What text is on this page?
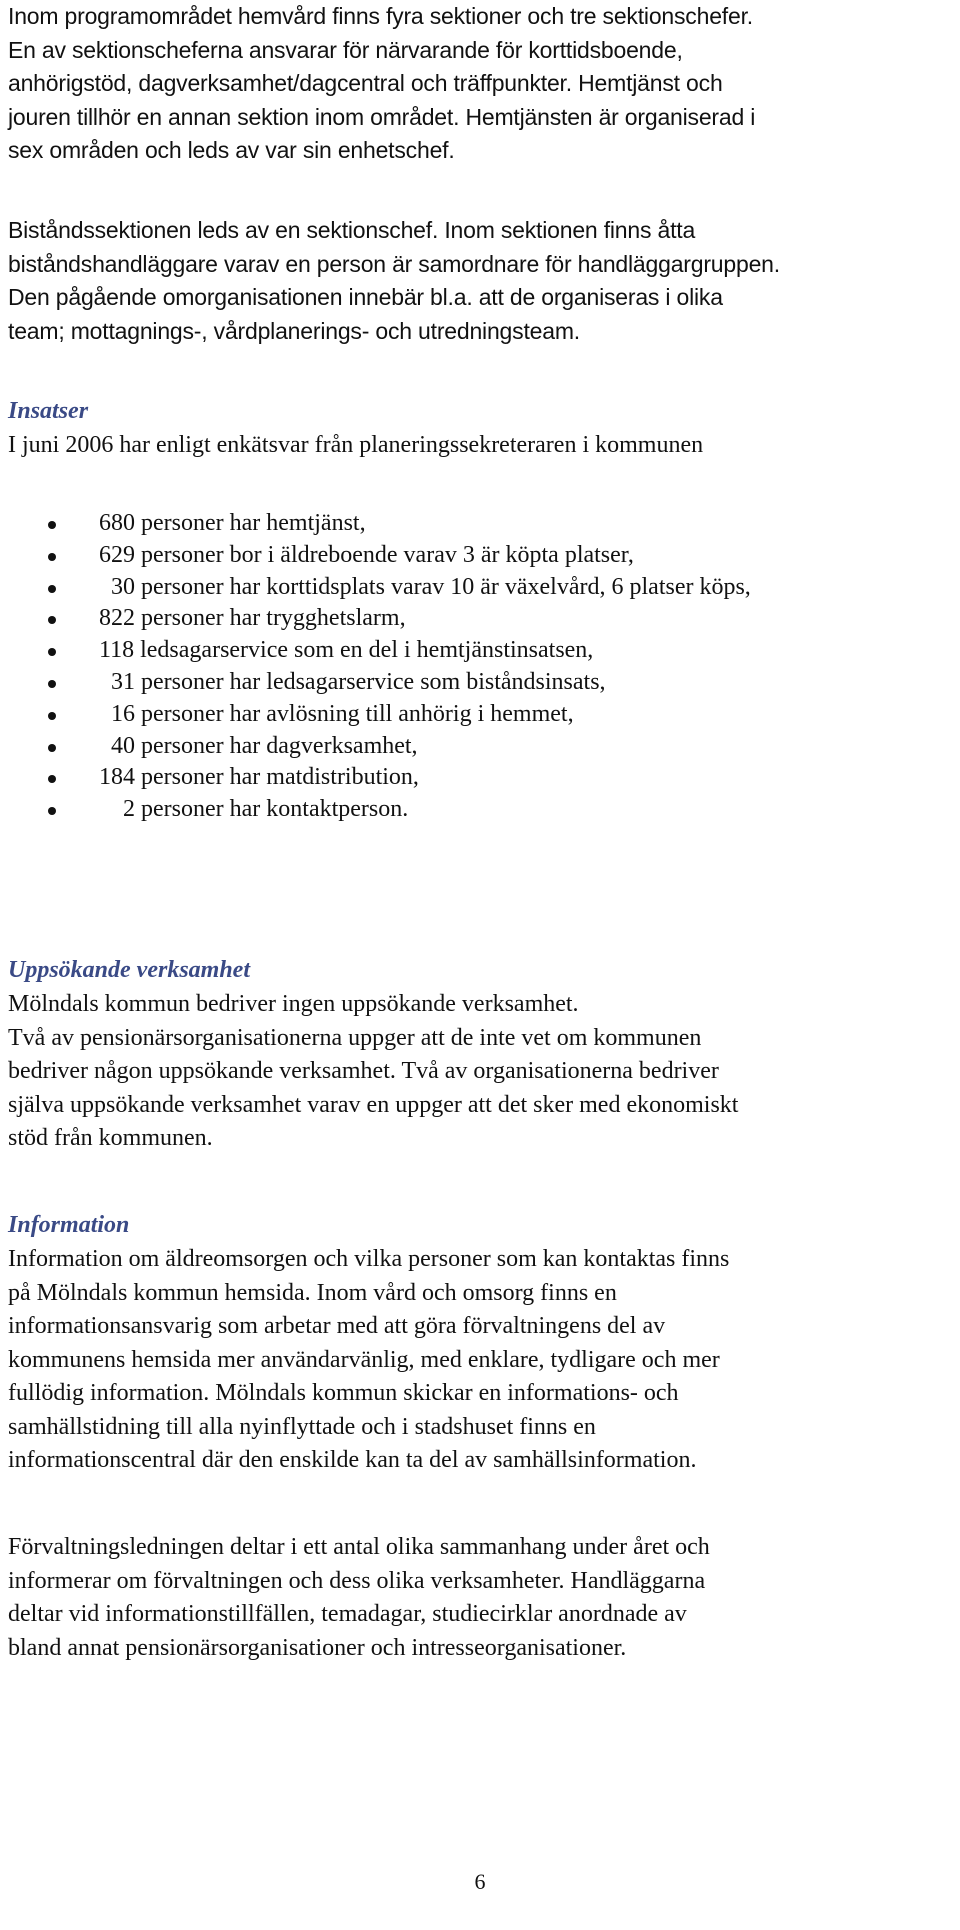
Inom programområdet hemvård finns fyra sektioner och tre sektionschefer.
En av sektionscheferna ansvarar för närvarande för korttidsboende,
anhörigstöd, dagverksamhet/dagcentral och träffpunkter. Hemtjänst och
jouren tillhör en annan sektion inom området. Hemtjänsten är organiserad i
sex områden och leds av var sin enhetschef.
Biståndssektionen leds av en sektionschef. Inom sektionen finns åtta
biståndshandläggare varav en person är samordnare för handläggargruppen.
Den pågående omorganisationen innebär bl.a. att de organiseras i olika
team; mottagnings-, vårdplanerings- och utredningsteam.
Insatser

I juni 2006 har enligt enkätsvar från planeringssekreteraren i kommunen

680 personer har hemtjänst,
629 personer bor i äldreboende varav 3 är köpta platser,
30 personer har korttidsplats varav 10 är växelvård, 6 platser köps,
822 personer har trygghetslarm,
118 ledsagarservice som en del i hemtjänstinsatsen,
31 personer har ledsagarservice som biståndsinsats,
16 personer har avlösning till anhörig i hemmet,
40 personer har dagverksamhet,
184 personer har matdistribution,
2 personer har kontaktperson.
Uppsökande verksamhet
Mölndals kommun bedriver ingen uppsökande verksamhet.
Två av pensionärsorganisationerna uppger att de inte vet om kommunen
bedriver någon uppsökande verksamhet. Två av organisationerna bedriver
själva uppsökande verksamhet varav en uppger att det sker med ekonomiskt
stöd från kommunen.
Information
Information om äldreomsorgen och vilka personer som kan kontaktas finns
på Mölndals kommun hemsida. Inom vård och omsorg finns en
informationsansvarig som arbetar med att göra förvaltningens del av
kommunens hemsida mer användarvänlig, med enklare, tydligare och mer
fullödig information. Mölndals kommun skickar en informations- och
samhällstidning till alla nyinflyttade och i stadshuset finns en
informationscentral där den enskilde kan ta del av samhällsinformation.
Förvaltningsledningen deltar i ett antal olika sammanhang under året och
informerar om förvaltningen och dess olika verksamheter. Handläggarna
deltar vid informationstillfällen, temadagar, studiecirklar anordnade av
bland annat pensionärsorganisationer och intresseorganisationer.
6
